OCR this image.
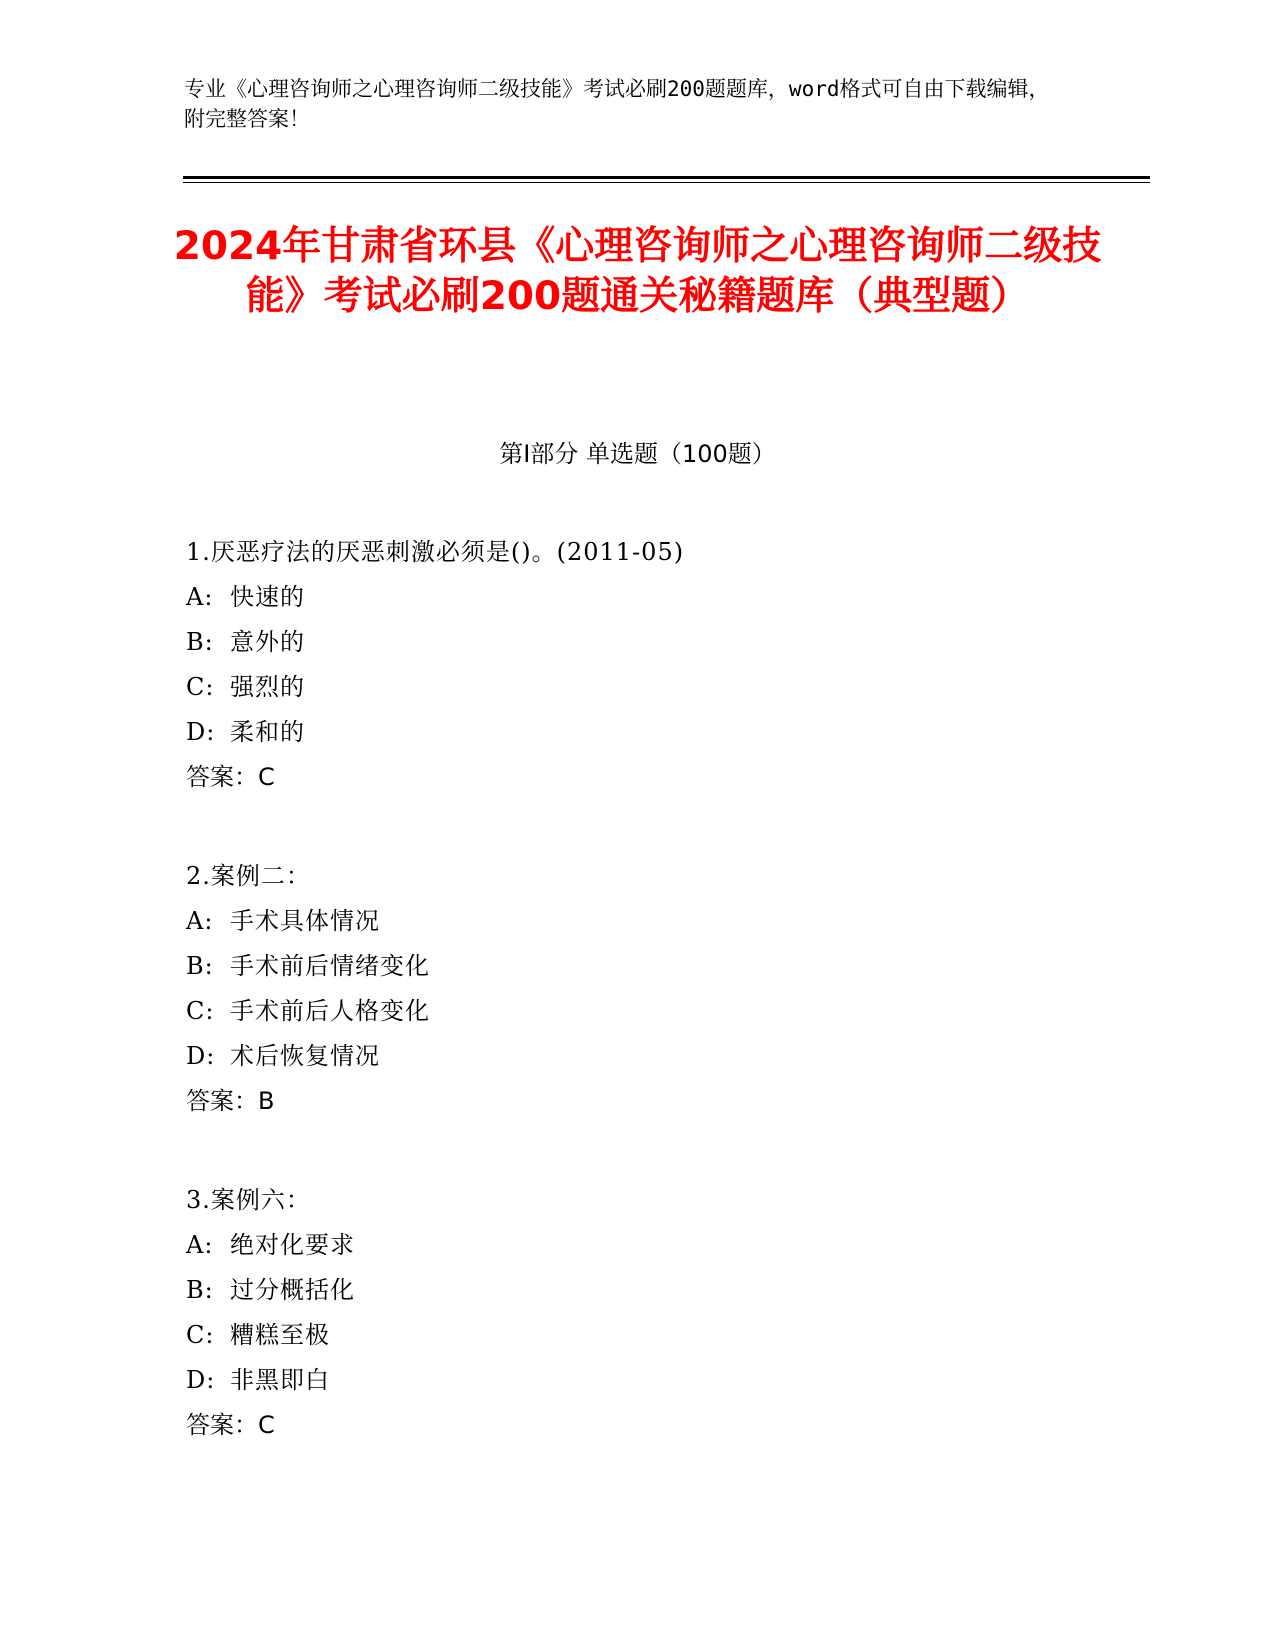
专业《心理咨询师之心理咨询师二级技能》考试必刷200题题库，word格式可自由下载编辑，附完整答案！
2024年甘肃省环县《心理咨询师之心理咨询师二级技能》考试必刷200题通关秘籍题库（典型题）
第Ⅰ部分 单选题（100题）
1.厌恶疗法的厌恶刺激必须是()。(2011-05)
A: 快速的
B: 意外的
C: 强烈的
D: 柔和的
答案：C
2.案例二：
A: 手术具体情况
B: 手术前后情绪变化
C: 手术前后人格变化
D: 术后恢复情况
答案：B
3.案例六：
A: 绝对化要求
B: 过分概括化
C: 糟糕至极
D: 非黑即白
答案：C
